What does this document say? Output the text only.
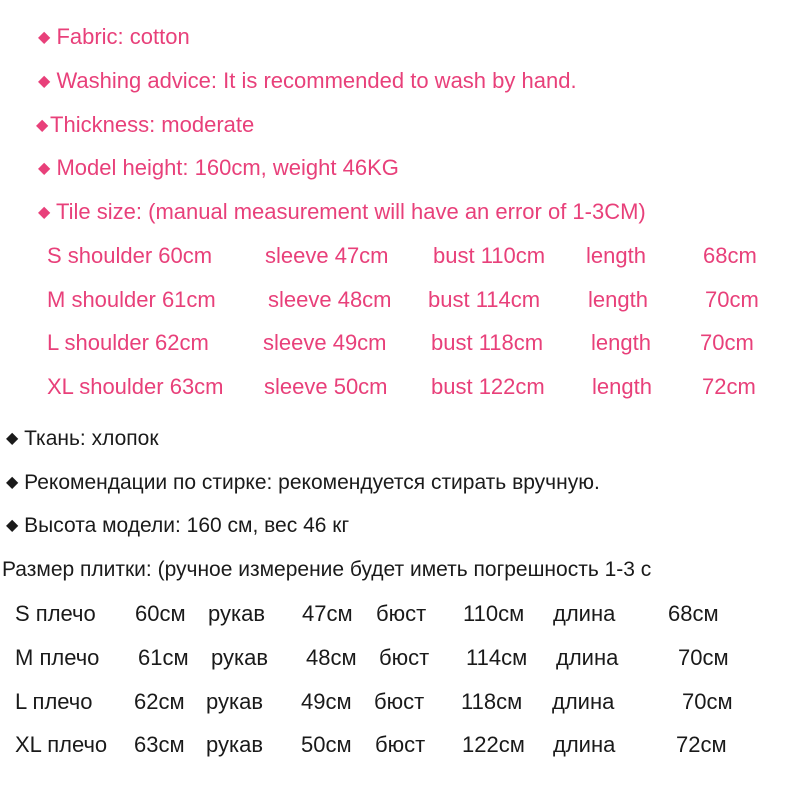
◆ Fabric: cotton
◆ Washing advice: It is recommended to wash by hand.
◆ Thickness: moderate
◆ Model height: 160cm, weight 46KG
◆ Tile size: (manual measurement will have an error of 1-3CM)
S shoulder 60cm sleeve 47cm bust 110cm length	68cm
M shoulder 61cm sleeve 48cm bust 114cm length	70cm
L shoulder 62cm sleeve 49cm bust 118cm length 70cm
XL shoulder 63cm sleeve 50cm bust 122cm length 72cm
◆ Ткань: хлопок
◆ Рекомендации по стирке: рекомендуется стирать вручную.
◆ Высота модели: 160 см, вес 46 кг
Размер плитки: (ручное измерение будет иметь погрешность 1-3 с
S плечо 60см рукав 47см бюст 110см длина 68см
M плечо 61см рукав 48см бюст 114см длина	70см
L плечо 62см рукав 49см бюст 118см длина	70см
XL плечо 63см рукав 50см бюст 122см длина	72см
